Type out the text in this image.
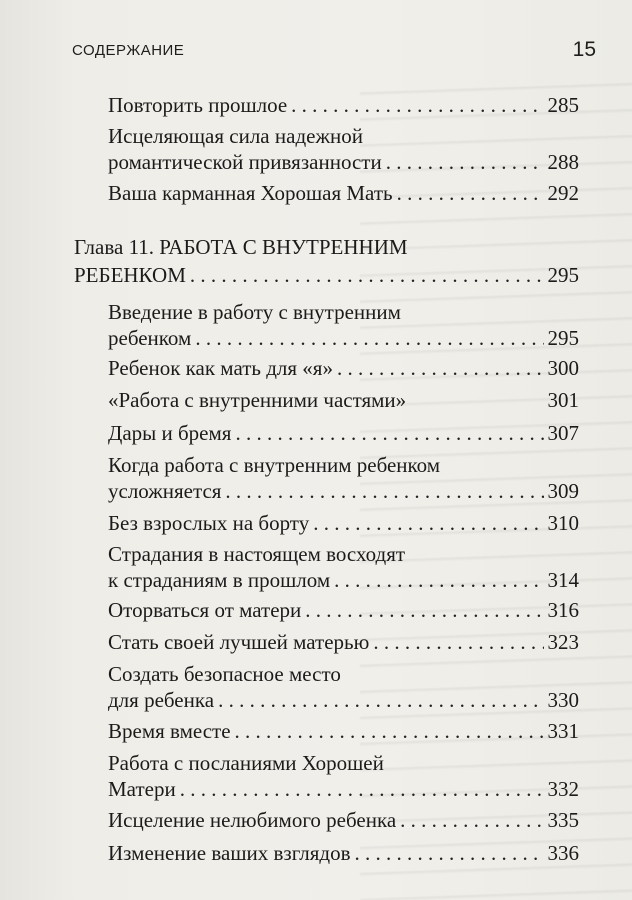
СОДЕРЖАНИЕ	15
Повторить прошлое . . .	285
Исцеляющая сила надежной
романтической привязанности . . .	288
Ваша карманная Хорошая Мать . . .	292
Глава 11. РАБОТА С ВНУТРЕННИМ
РЕБЕНКОМ . . .	295
Введение в работу с внутренним
ребенком . . .	295
Ребенок как мать для «я» . . .	300
«Работа с внутренними частями»	301
Дары и бремя . . .	307
Когда работа с внутренним ребенком
усложняется . . .	309
Без взрослых на борту . . .	310
Страдания в настоящем восходят
к страданиям в прошлом . . .	314
Оторваться от матери . . .	316
Стать своей лучшей матерью . . .	323
Создать безопасное место
для ребенка . . .	330
Время вместе . . .	331
Работа с посланиями Хорошей
Матери . . .	332
Исцеление нелюбимого ребенка . . .	335
Изменение ваших взглядов . . .	336
